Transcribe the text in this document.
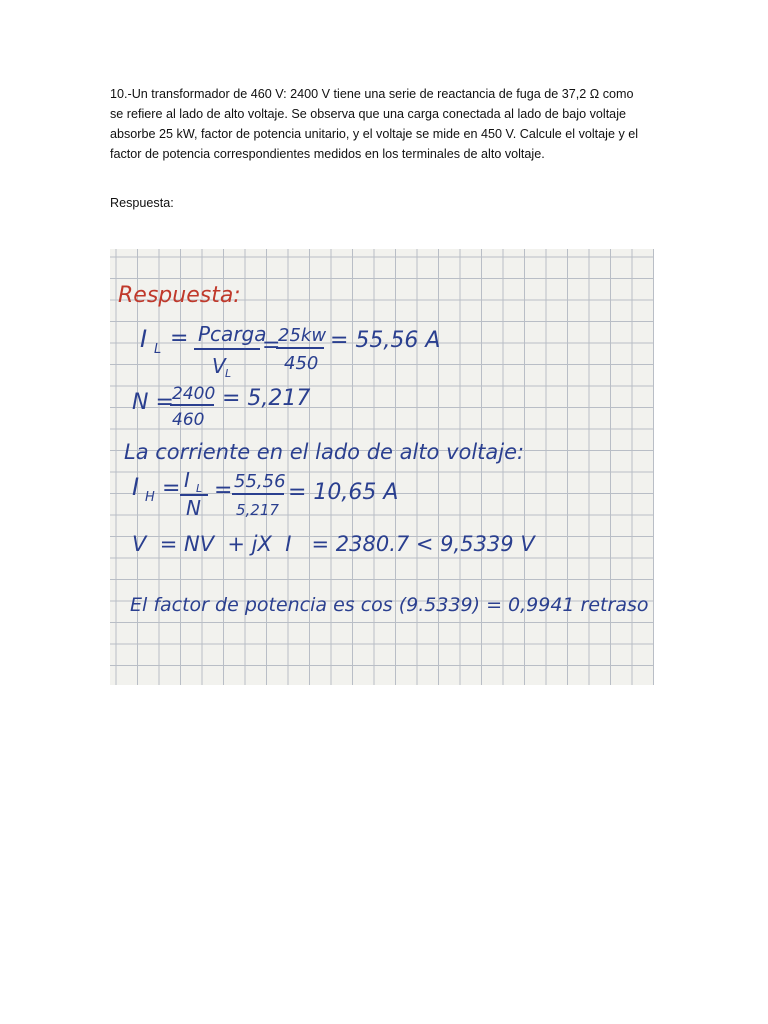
10.-Un transformador de 460 V: 2400 V tiene una serie de reactancia de fuga de 37,2 Ω como
se refiere al lado de alto voltaje. Se observa que una carga conectada al lado de bajo voltaje
absorbe 25 kW, factor de potencia unitario, y el voltaje se mide en 450 V. Calcule el voltaje y el
factor de potencia correspondientes medidos en los terminales de alto voltaje.
Respuesta:
Respuesta:
I L = Pcarga
V L
=
25kw
450
= 55,56 A
N =
2400
460
= 5,217
La corriente en el lado de alto voltaje:
I H = I L
N
= 55,56
5,217
= 10,65 A
V  = NV  + jX  I   = 2380.7 < 9,5339 V
El factor de potencia es cos (9.5339) = 0,9941 retraso
